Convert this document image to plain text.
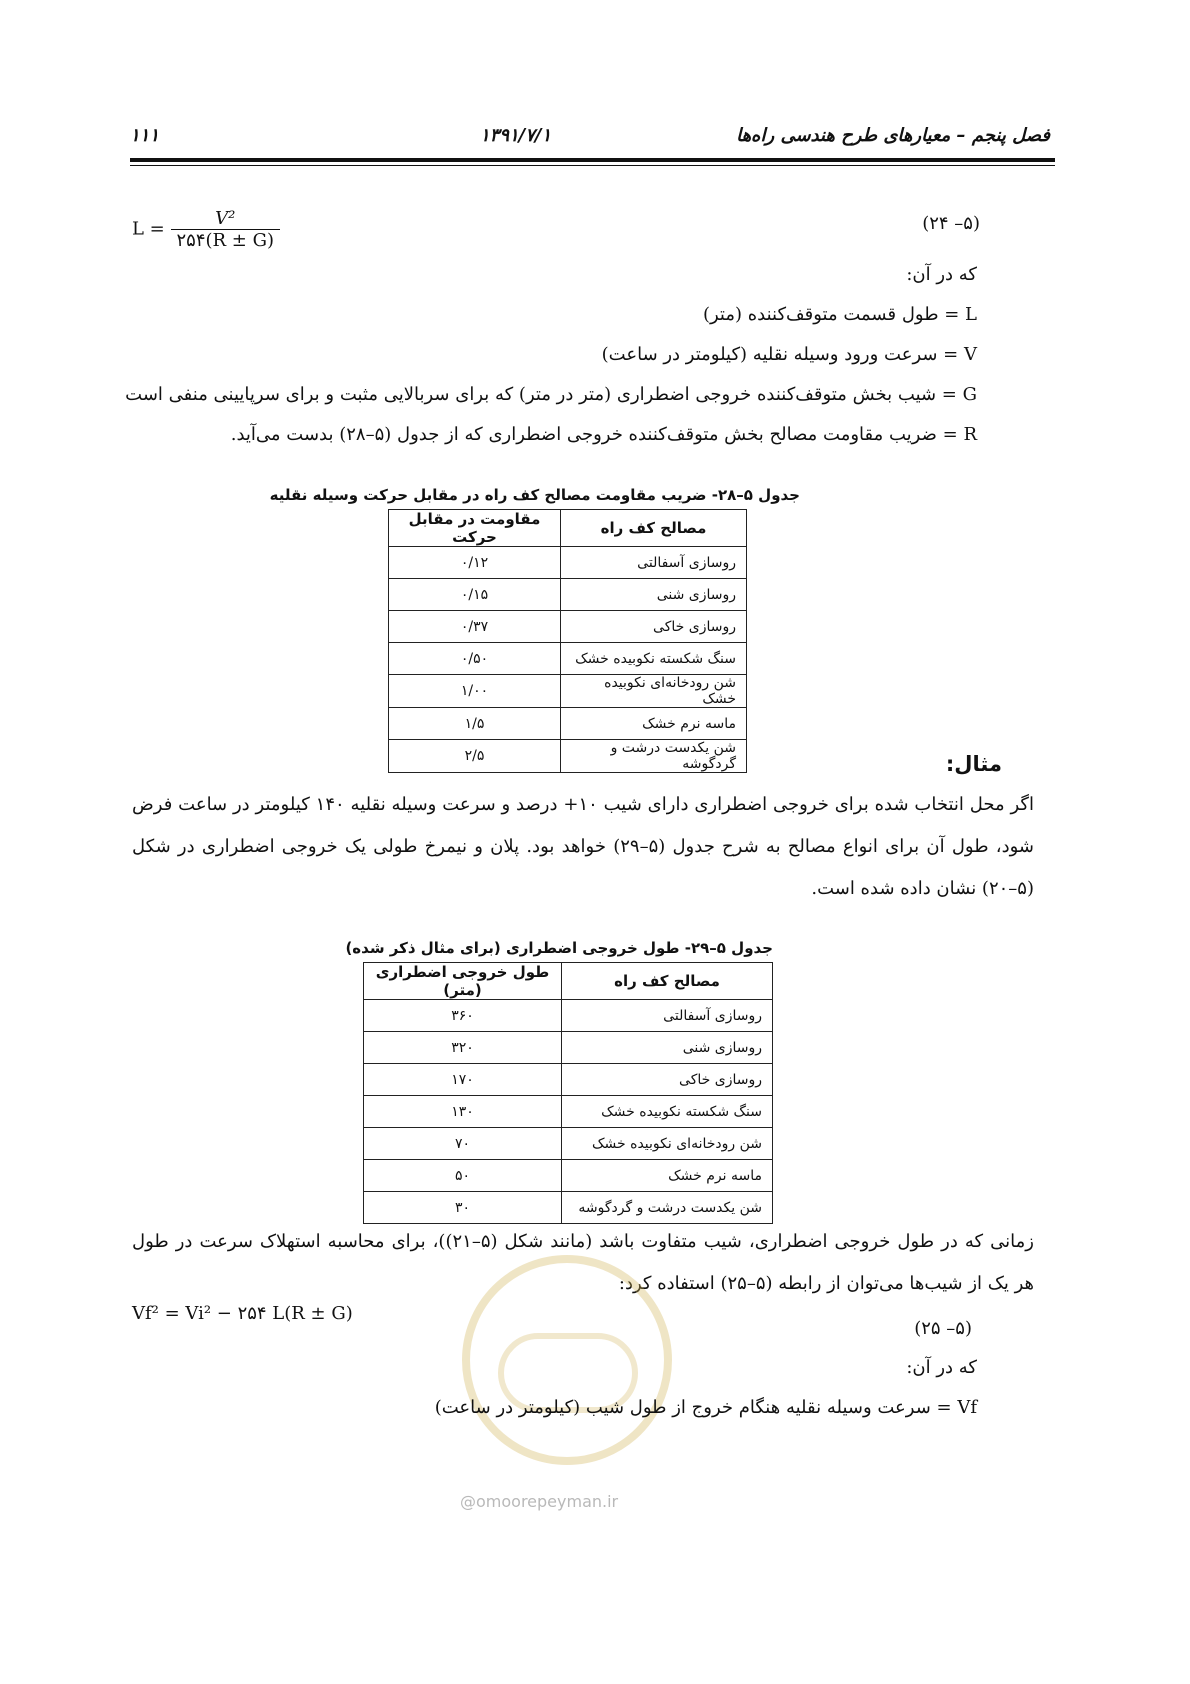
۱۱۱	۱۳۹۱/۷/۱	فصل پنجم – معیارهای طرح هندسی راه‌ها
$L = \frac{\text{V²}}{۲۵۴(R \pm G)}$	(۵– ۲۴)
که در آن:
L = طول قسمت متوقف‌کننده (متر)
V = سرعت ورود وسیله نقلیه (کیلومتر در ساعت)
G = شیب بخش متوقف‌کننده خروجی اضطراری (متر در متر) که برای سربالایی مثبت و برای سرپایینی منفی است
R = ضریب مقاومت مصالح بخش متوقف‌کننده خروجی اضطراری که از جدول (۵–۲۸) بدست می‌آید.
جدول ۵–۲۸- ضریب مقاومت مصالح کف راه در مقابل حرکت وسیله نقلیه
مصالح کف راه	مقاومت در مقابل حرکت
روسازی آسفالتی	۰/۱۲
روسازی شنی	۰/۱۵
روسازی خاکی	۰/۳۷
سنگ شکسته نکوبیده خشک	۰/۵۰
شن رودخانه‌ای نکوبیده خشک	۱/۰۰
ماسه نرم خشک	۱/۵
شن یکدست درشت و گردگوشه	۲/۵	مثال:
اگر محل انتخاب شده برای خروجی اضطراری دارای شیب ۱۰+ درصد و سرعت وسیله نقلیه ۱۴۰ کیلومتر در ساعت فرض شود، طول آن برای انواع مصالح به شرح جدول (۵–۲۹) خواهد بود. پلان و نیمرخ طولی یک خروجی اضطراری در شکل (۵–۲۰) نشان داده شده است.
جدول ۵–۲۹- طول خروجی اضطراری (برای مثال ذکر شده)
مصالح کف راه	طول خروجی اضطراری (متر)
روسازی آسفالتی	۳۶۰
روسازی شنی	۳۲۰
روسازی خاکی	۱۷۰
سنگ شکسته نکوبیده خشک	۱۳۰
شن رودخانه‌ای نکوبیده خشک	۷۰
ماسه نرم خشک	۵۰
شن یکدست درشت و گردگوشه	۳۰
زمانی که در طول خروجی اضطراری، شیب متفاوت باشد (مانند شکل (۵–۲۱))، برای محاسبه استهلاک سرعت در طول هر یک از شیب‌ها می‌توان از رابطه (۵–۲۵) استفاده کرد:
Vf² = Vi² − ۲۵۴ L(R ± G)
(۵– ۲۵)
که در آن:
Vf = سرعت وسیله نقلیه هنگام خروج از طول شیب (کیلومتر در ساعت)
@omoorepeyman.ir
